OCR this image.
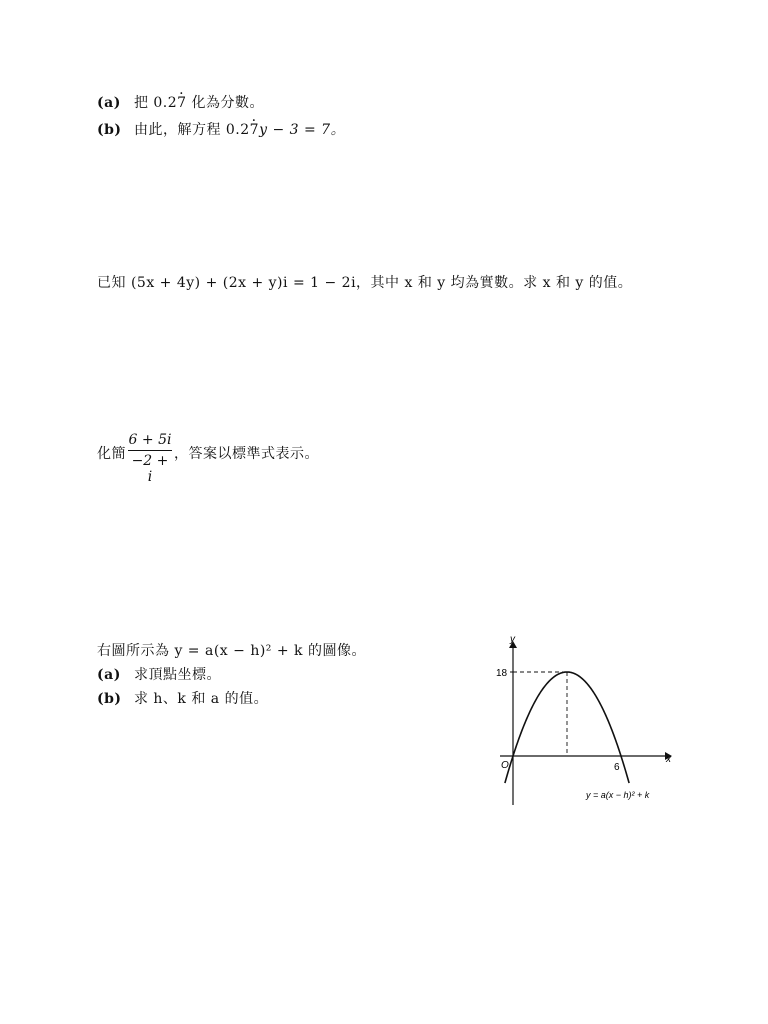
(a) 把 0.27 · 化為分數。
(b) 由此，解方程 0.27 ·y − 3 = 7。
已知 (5x + 4y) + (2x + y)i = 1 − 2i，其中 x 和 y 均為實數。求 x 和 y 的值。
化簡 $\frac{6 + 5i}{-2 + i}$ ，答案以標準式表示。
右圖所示為 y = a(x − h)² + k 的圖像。
(a) 求頂點坐標。
(b) 求 h、k 和 a 的值。
y
x
O
18
6
y = a(x − h)² + k
